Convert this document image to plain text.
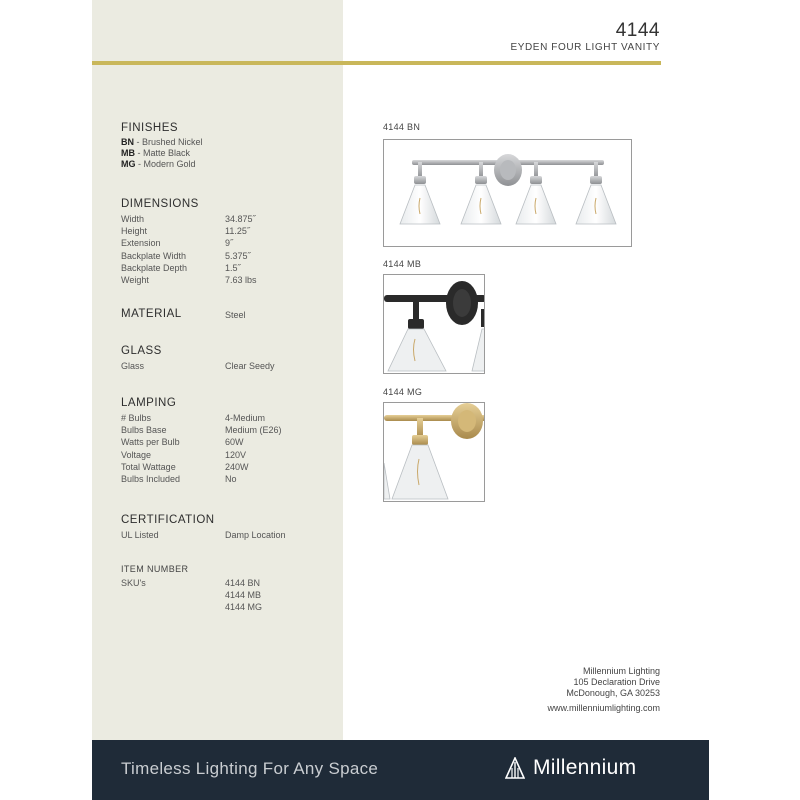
4144
EYDEN FOUR LIGHT VANITY
FINISHES
BN - Brushed Nickel
MB - Matte Black
MG - Modern Gold
DIMENSIONS
Width	34.875˝
Height	11.25˝
Extension	9˝
Backplate Width	5.375˝
Backplate Depth	1.5˝
Weight	7.63 lbs
MATERIAL	Steel
GLASS
Glass	Clear Seedy
LAMPING
# Bulbs	4-Medium
Bulbs Base	Medium (E26)
Watts per Bulb	60W
Voltage	120V
Total Wattage	240W
Bulbs Included	No
CERTIFICATION
UL Listed	Damp Location
ITEM NUMBER
SKU's	4144 BN
4144 MB
4144 MG
4144 BN
4144 MB
4144 MG
Millennium Lighting
105 Declaration Drive
McDonough, GA 30253
www.millenniumlighting.com
Timeless Lighting For Any Space	Millennium
